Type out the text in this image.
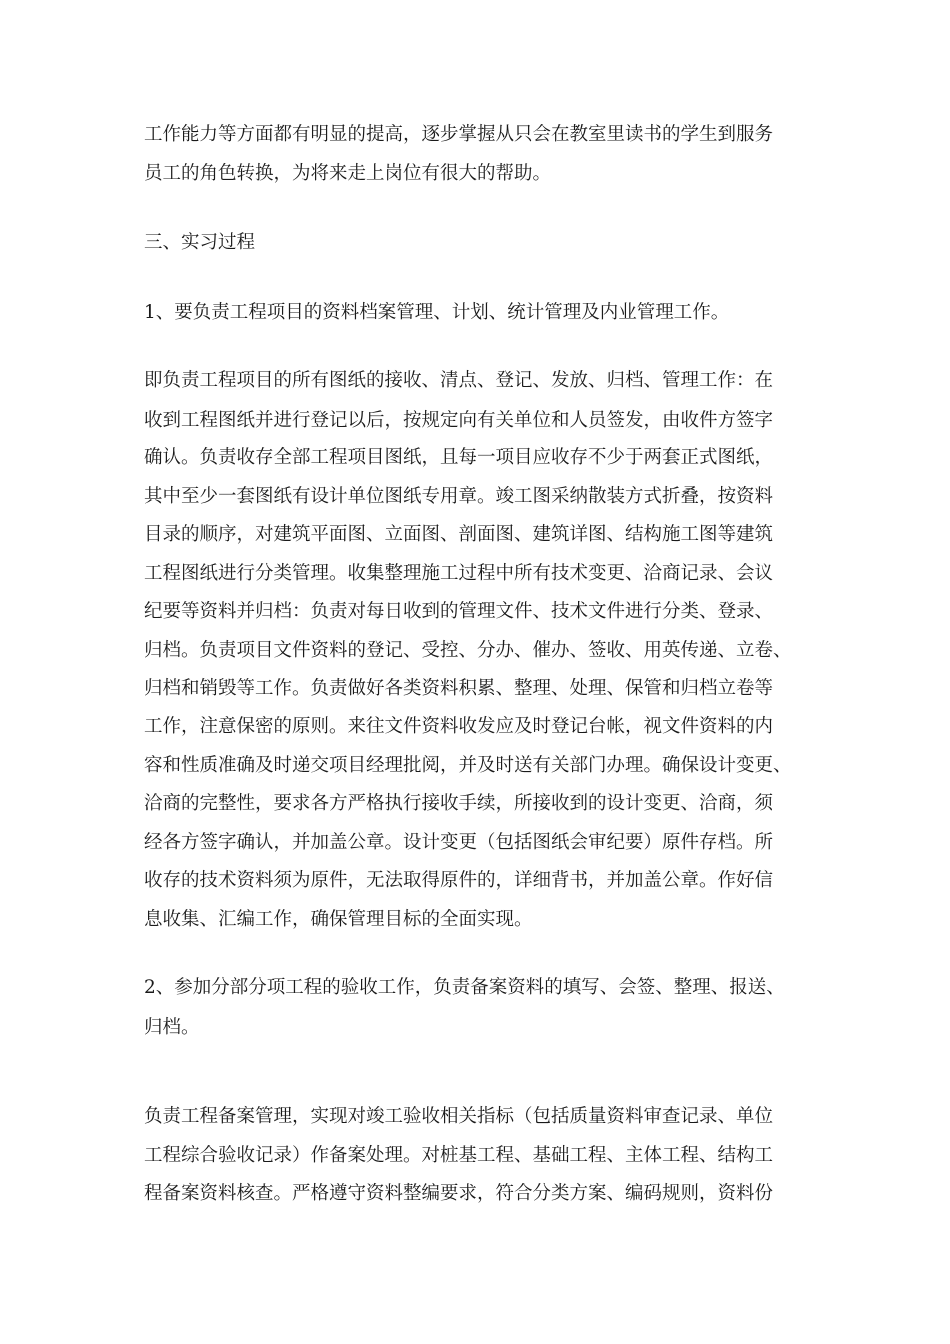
工作能力等方面都有明显的提高，逐步掌握从只会在教室里读书的学生到服务
员工的角色转换，为将来走上岗位有很大的帮助。
三、实习过程
1、要负责工程项目的资料档案管理、计划、统计管理及内业管理工作。
即负责工程项目的所有图纸的接收、清点、登记、发放、归档、管理工作：在
收到工程图纸并进行登记以后，按规定向有关单位和人员签发，由收件方签字
确认。负责收存全部工程项目图纸，且每一项目应收存不少于两套正式图纸，
其中至少一套图纸有设计单位图纸专用章。竣工图采纳散装方式折叠，按资料
目录的顺序，对建筑平面图、立面图、剖面图、建筑详图、结构施工图等建筑
工程图纸进行分类管理。收集整理施工过程中所有技术变更、洽商记录、会议
纪要等资料并归档：负责对每日收到的管理文件、技术文件进行分类、登录、
归档。负责项目文件资料的登记、受控、分办、催办、签收、用英传递、立卷、
归档和销毁等工作。负责做好各类资料积累、整理、处理、保管和归档立卷等
工作，注意保密的原则。来往文件资料收发应及时登记台帐，视文件资料的内
容和性质准确及时递交项目经理批阅，并及时送有关部门办理。确保设计变更、
洽商的完整性，要求各方严格执行接收手续，所接收到的设计变更、洽商，须
经各方签字确认，并加盖公章。设计变更（包括图纸会审纪要）原件存档。所
收存的技术资料须为原件，无法取得原件的，详细背书，并加盖公章。作好信
息收集、汇编工作，确保管理目标的全面实现。
2、参加分部分项工程的验收工作，负责备案资料的填写、会签、整理、报送、
归档。
负责工程备案管理，实现对竣工验收相关指标（包括质量资料审查记录、单位
工程综合验收记录）作备案处理。对桩基工程、基础工程、主体工程、结构工
程备案资料核查。严格遵守资料整编要求，符合分类方案、编码规则，资料份
